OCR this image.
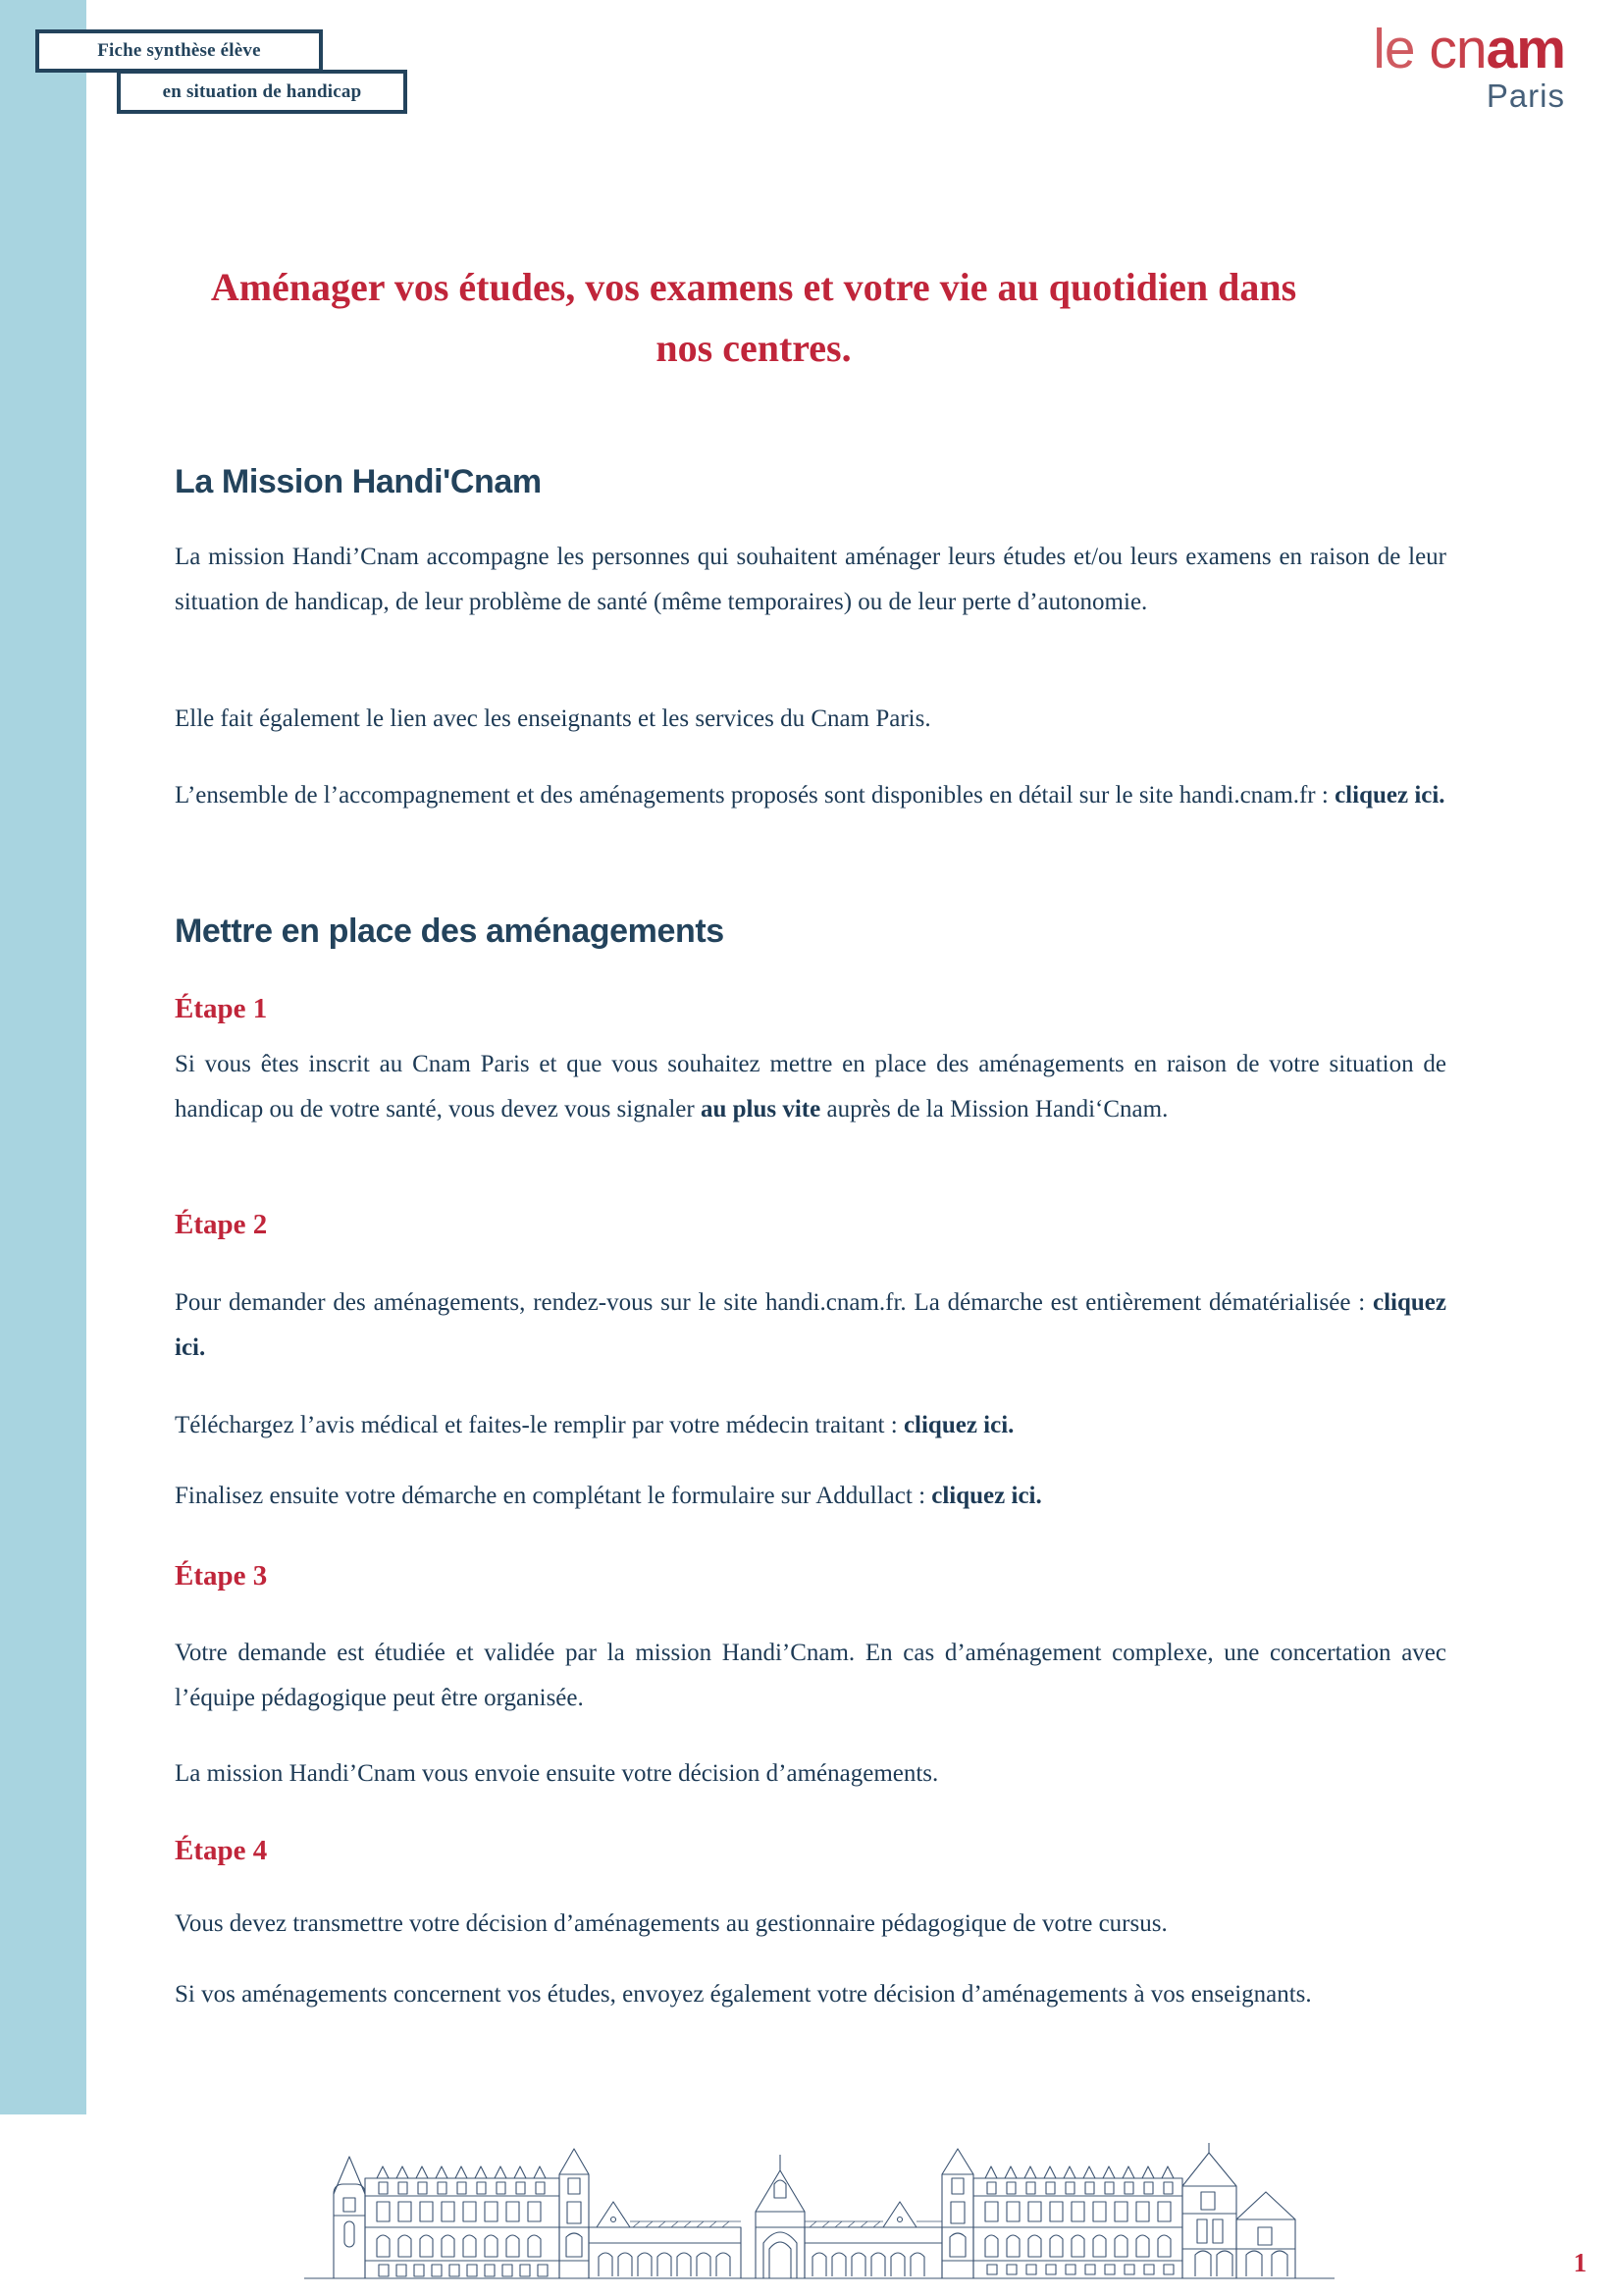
Fiche synthèse élève
en situation de handicap
le cnam
Paris
Aménager vos études, vos examens et votre vie au quotidien dans nos centres.
La Mission Handi'Cnam

La mission Handi’Cnam accompagne les personnes qui souhaitent aménager leurs études et/ou leurs examens en raison de leur situation de handicap, de leur problème de santé (même temporaires) ou de leur perte d’autonomie.

Elle fait également le lien avec les enseignants et les services du Cnam Paris.

L’ensemble de l’accompagnement et des aménagements proposés sont disponibles en détail sur le site handi.cnam.fr : cliquez ici.

Mettre en place des aménagements
Étape 1

Si vous êtes inscrit au Cnam Paris et que vous souhaitez mettre en place des aménagements en raison de votre situation de handicap ou de votre santé, vous devez vous signaler au plus vite auprès de la Mission Handi‘Cnam.

Étape 2

Pour demander des aménagements, rendez-vous sur le site handi.cnam.fr. La démarche est entièrement dématérialisée : cliquez ici.

Téléchargez l’avis médical et faites-le remplir par votre médecin traitant : cliquez ici.

Finalisez ensuite votre démarche en complétant le formulaire sur Addullact : cliquez ici.

Étape 3

Votre demande est étudiée et validée par la mission Handi’Cnam. En cas d’aménagement complexe, une concertation avec l’équipe pédagogique peut être organisée.

La mission Handi’Cnam vous envoie ensuite votre décision d’aménagements.

Étape 4

Vous devez transmettre votre décision d’aménagements au gestionnaire pédagogique de votre cursus.

Si vos aménagements concernent vos études, envoyez également votre décision d’aménagements à vos enseignants.

1
